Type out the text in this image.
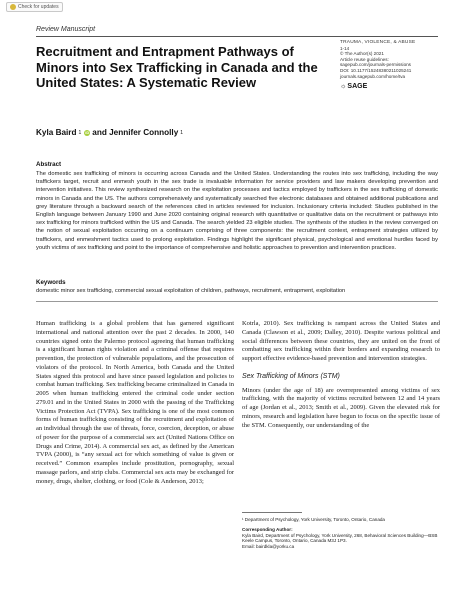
Check for updates
Review Manuscript
Recruitment and Entrapment Pathways of Minors into Sex Trafficking in Canada and the United States: A Systematic Review
TRAUMA, VIOLENCE, & ABUSE
1-14
© The Author(s) 2021
Article reuse guidelines:
sagepub.com/journals-permissions
DOI: 10.1177/15248380211025241
journals.sagepub.com/home/tva
☼ SAGE
Kyla Baird 1 iD and Jennifer Connolly 1
Abstract

The domestic sex trafficking of minors is occurring across Canada and the United States. Understanding the routes into sex trafficking, including the way traffickers target, recruit and enmesh youth in the sex trade is invaluable information for service providers and law makers developing prevention and intervention initiatives. This review synthesized research on the exploitation processes and tactics employed by traffickers in the sex trafficking of domestic minors in Canada and the US. The authors comprehensively and systematically searched five electronic databases and obtained additional publications and grey literature through a backward search of the references cited in articles reviewed for inclusion. Inclusionary criteria included: Studies published in the English language between January 1990 and June 2020 containing original research with quantitative or qualitative data on the recruitment or pathways into sex trafficking for minors trafficked within the US and Canada. The search yielded 23 eligible studies. The synthesis of the studies in the review converged on the notion of sexual exploitation occurring on a continuum comprising of three components: the recruitment context, entrapment strategies utilized by traffickers, and enmeshment tactics used to prolong exploitation. Findings highlight the significant physical, psychological and emotional hurdles faced by youth victims of sex trafficking and point to the importance of comprehensive and holistic approaches to prevention and intervention practices.

Keywords

domestic minor sex trafficking, commercial sexual exploitation of children, pathways, recruitment, entrapment, exploitation

Human trafficking is a global problem that has garnered significant international and national attention over the past 2 decades. In 2000, 140 countries signed onto the Palermo protocol agreeing that human trafficking is a significant human rights violation and a criminal offense that requires prevention, the protection of vulnerable populations, and the prosecution of violators of the protocol. In North America, both Canada and the United States signed this protocol and have since passed legislation and policies to combat human trafficking. Sex trafficking became criminalized in Canada in 2005 when human trafficking entered the criminal code under section 279.01 and in the United States in 2000 with the passing of the Trafficking Victims Protection Act (TVPA). Sex trafficking is one of the most common forms of human trafficking consisting of the recruitment and exploitation of an individual through the use of threats, force, coercion, deception, or abuse of power for the purpose of a commercial sex act (United Nations Office on Drugs and Crime, 2014). A commercial sex act, as defined by the American TVPA (2000), is “any sexual act for which something of value is given or received.” Common examples include prostitution, pornography, sexual massage parlors, and strip clubs. Commercial sex acts may be exchanged for money, drugs, shelter, clothing, or food (Cole & Anderson, 2013;

Kotrla, 2010). Sex trafficking is rampant across the United States and Canada (Clawson et al., 2009; Dalley, 2010). Despite various political and social differences between these countries, they are united on the front of combatting sex trafficking within their borders and expanding research to support effective evidence-based prevention and intervention strategies.

Sex Trafficking of Minors (STM)

Minors (under the age of 18) are overrepresented among victims of sex trafficking, with the majority of victims recruited between 12 and 14 years of age (Jordan et al., 2013; Smith et al., 2009). Given the elevated risk for minors, research and legislation have begun to focus on the specific issue of the STM. Consequently, our understanding of the

¹ Department of Psychology, York University, Toronto, Ontario, Canada
Corresponding Author:
Kyla Baird, Department of Psychology, York University, 268, Behavioral Sciences Building—BSB Keele Campus, Toronto, Ontario, Canada M3J 1P3.
Email: bairdkla@yorku.ca
